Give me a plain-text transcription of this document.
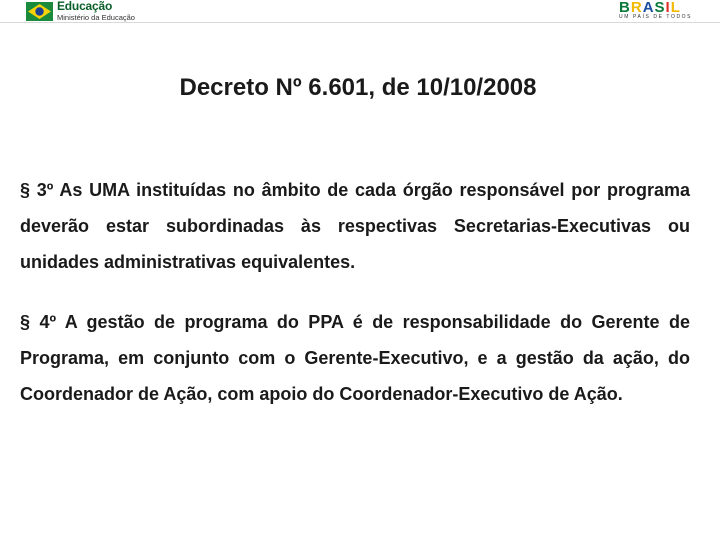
Educação
Ministério da Educação
BRASIL
UM PAÍS DE TODOS
Decreto Nº 6.601, de 10/10/2008

§ 3º As UMA instituídas no âmbito de cada órgão responsável por programa deverão estar subordinadas às respectivas Secretarias-Executivas ou unidades administrativas equivalentes.

§ 4º A gestão de programa do PPA é de responsabilidade do Gerente de Programa, em conjunto com o Gerente-Executivo, e a gestão da ação, do Coordenador de Ação, com apoio do Coordenador-Executivo de Ação.
